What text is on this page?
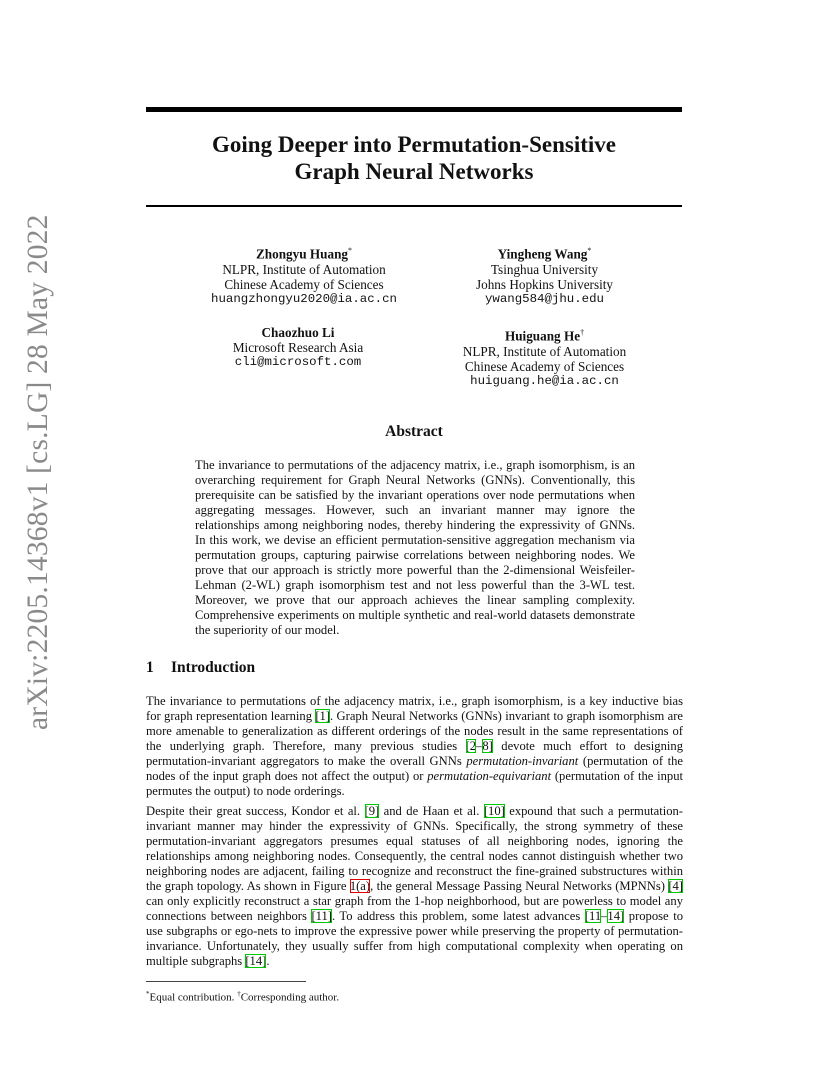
arXiv:2205.14368v1 [cs.LG] 28 May 2022
Going Deeper into Permutation-Sensitive
Graph Neural Networks
Zhongyu Huang*
NLPR, Institute of Automation
Chinese Academy of Sciences
huangzhongyu2020@ia.ac.cn
Yingheng Wang*
Tsinghua University
Johns Hopkins University
ywang584@jhu.edu
Chaozhuo Li
Microsoft Research Asia
cli@microsoft.com
Huiguang He†
NLPR, Institute of Automation
Chinese Academy of Sciences
huiguang.he@ia.ac.cn
Abstract

The invariance to permutations of the adjacency matrix, i.e., graph isomorphism, is an overarching requirement for Graph Neural Networks (GNNs). Conventionally, this prerequisite can be satisfied by the invariant operations over node permutations when aggregating messages. However, such an invariant manner may ignore the relationships among neighboring nodes, thereby hindering the expressivity of GNNs. In this work, we devise an efficient permutation-sensitive aggregation mechanism via permutation groups, capturing pairwise correlations between neighboring nodes. We prove that our approach is strictly more powerful than the 2-dimensional Weisfeiler-Lehman (2-WL) graph isomorphism test and not less powerful than the 3-WL test. Moreover, we prove that our approach achieves the linear sampling complexity. Comprehensive experiments on multiple synthetic and real-world datasets demonstrate the superiority of our model.

1 Introduction

The invariance to permutations of the adjacency matrix, i.e., graph isomorphism, is a key inductive bias for graph representation learning [1]. Graph Neural Networks (GNNs) invariant to graph isomorphism are more amenable to generalization as different orderings of the nodes result in the same representations of the underlying graph. Therefore, many previous studies [2–8] devote much effort to designing permutation-invariant aggregators to make the overall GNNs permutation-invariant (permutation of the nodes of the input graph does not affect the output) or permutation-equivariant (permutation of the input permutes the output) to node orderings.

Despite their great success, Kondor et al. [9] and de Haan et al. [10] expound that such a permutation-invariant manner may hinder the expressivity of GNNs. Specifically, the strong symmetry of these permutation-invariant aggregators presumes equal statuses of all neighboring nodes, ignoring the relationships among neighboring nodes. Consequently, the central nodes cannot distinguish whether two neighboring nodes are adjacent, failing to recognize and reconstruct the fine-grained substructures within the graph topology. As shown in Figure 1(a), the general Message Passing Neural Networks (MPNNs) [4] can only explicitly reconstruct a star graph from the 1-hop neighborhood, but are powerless to model any connections between neighbors [11]. To address this problem, some latest advances [11–14] propose to use subgraphs or ego-nets to improve the expressive power while preserving the property of permutation-invariance. Unfortunately, they usually suffer from high computational complexity when operating on multiple subgraphs [14].

*Equal contribution. †Corresponding author.
